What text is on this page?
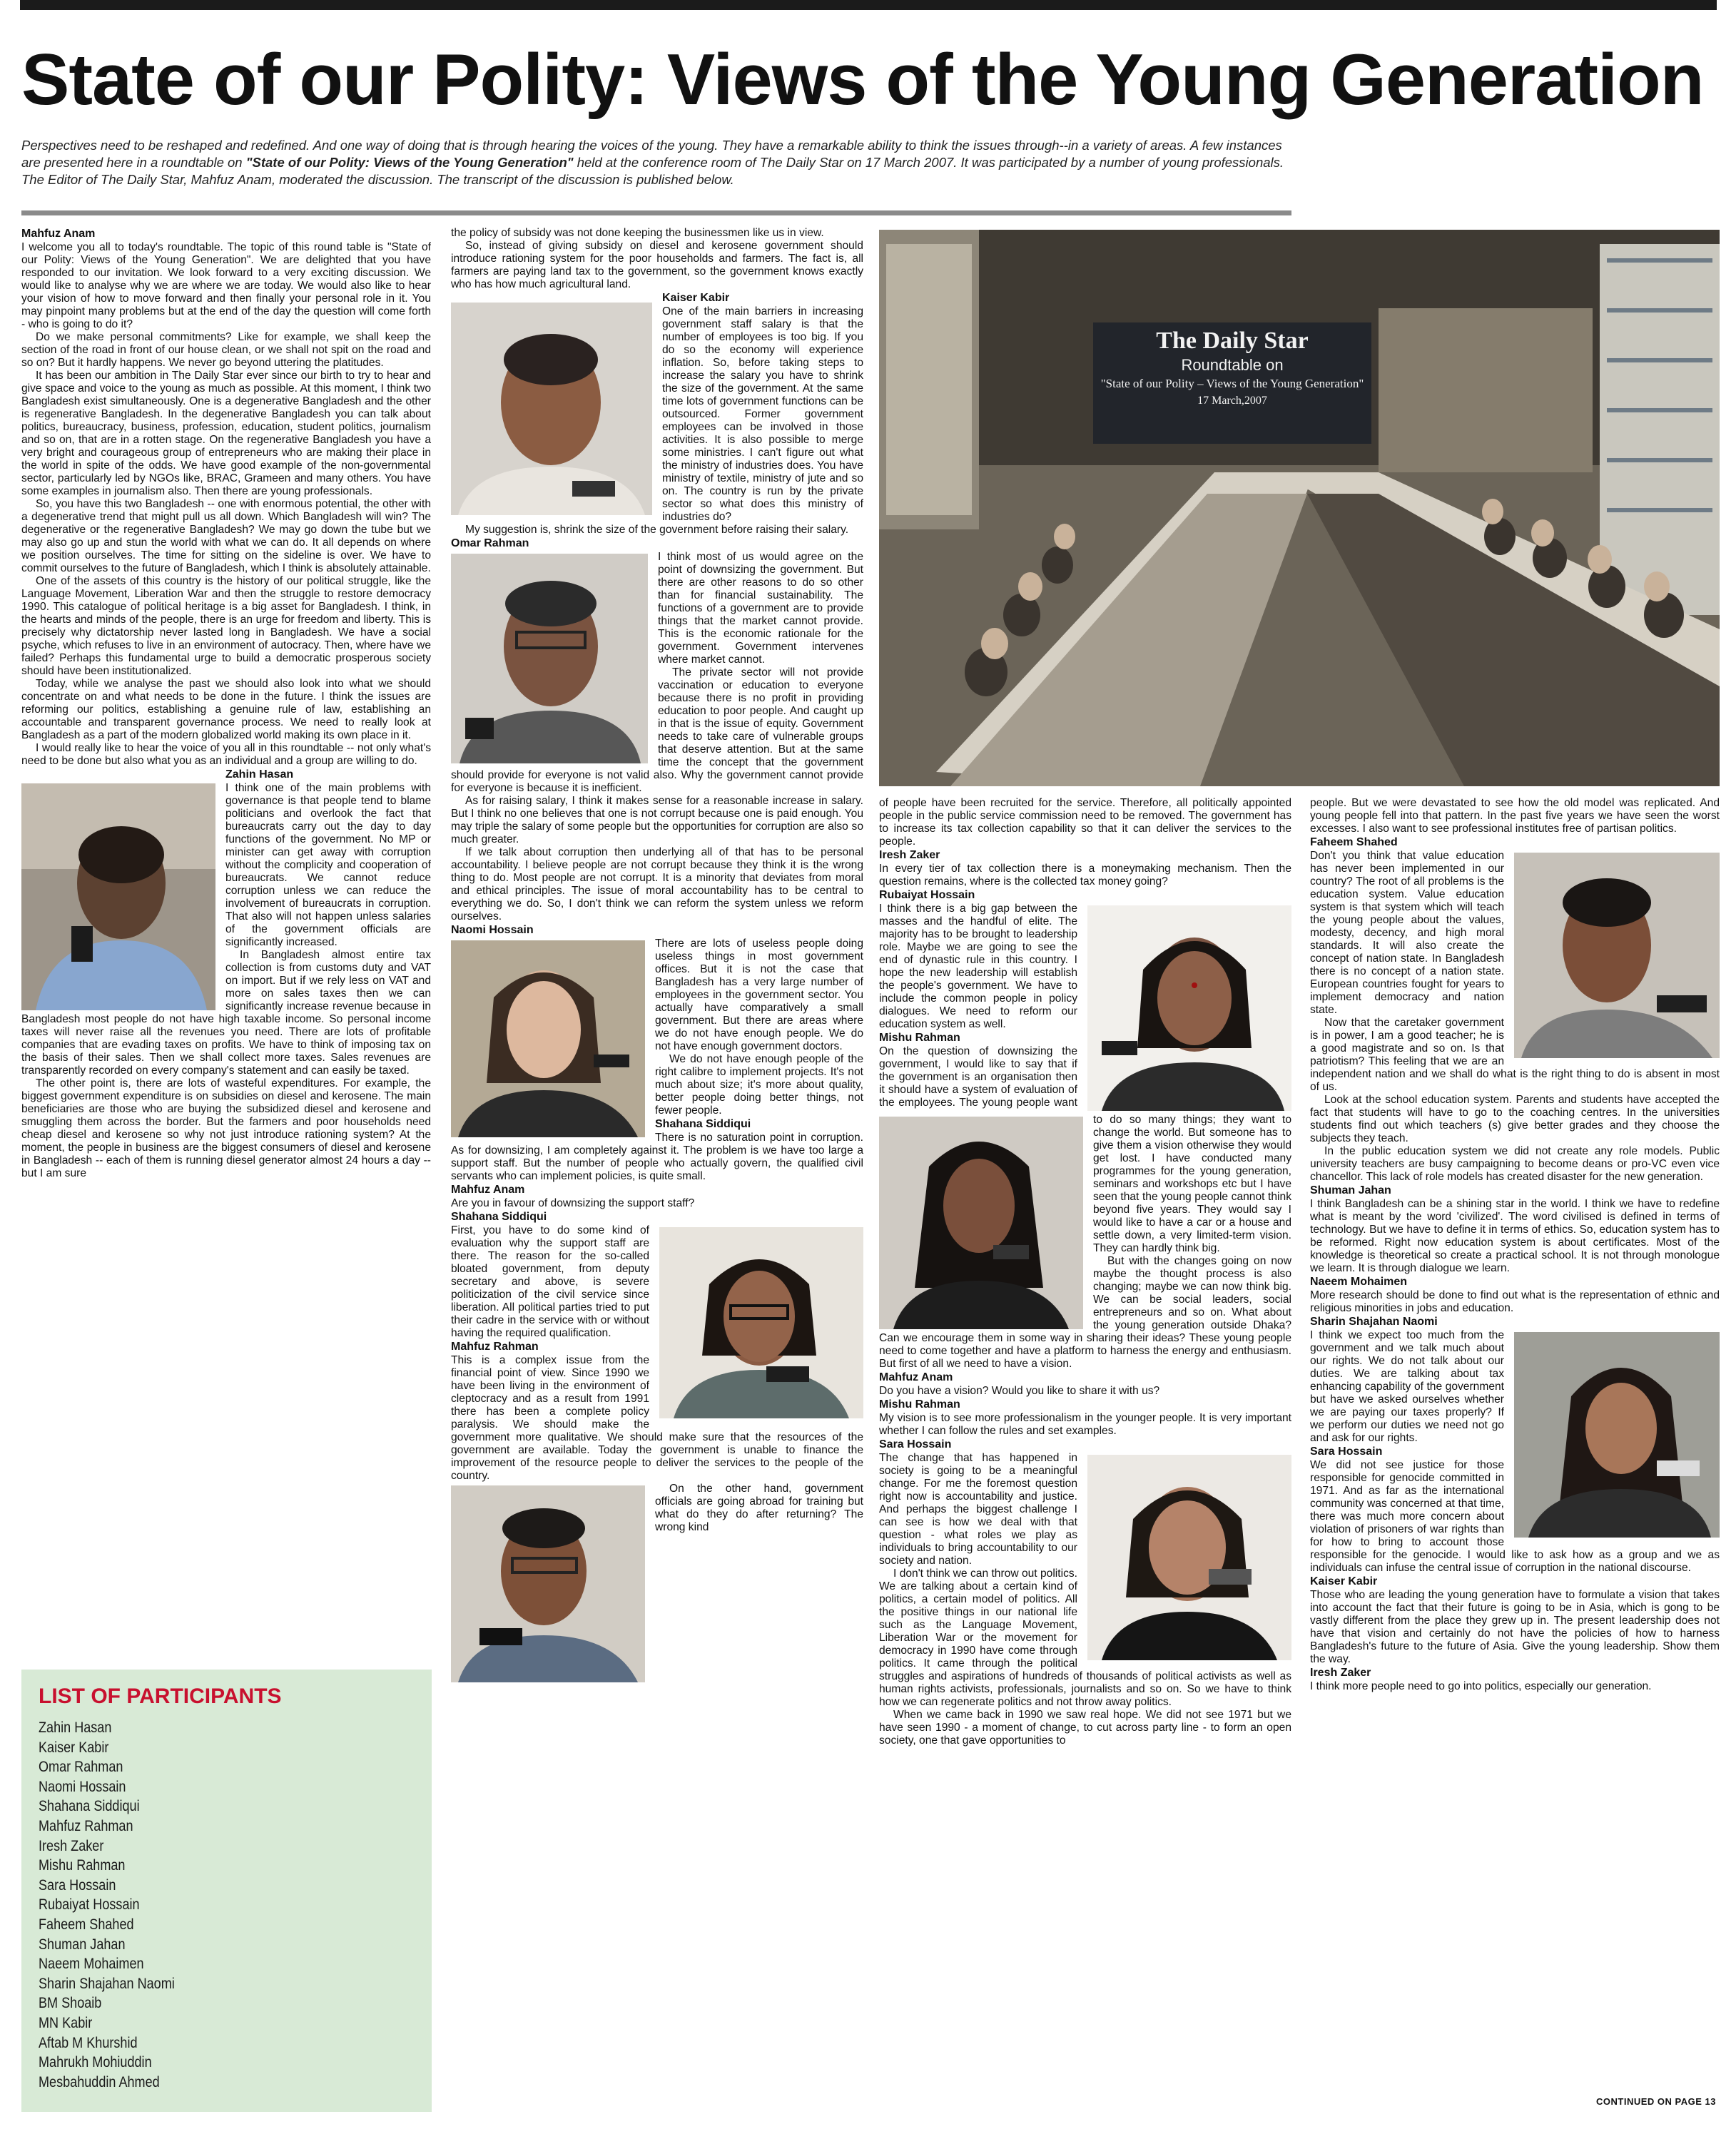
State of our Polity: Views of the Young Generation
Perspectives need to be reshaped and redefined. And one way of doing that is through hearing the voices of the young. They have a remarkable ability to think the issues through--in a variety of areas. A few instances are presented here in a roundtable on "State of our Polity: Views of the Young Generation" held at the conference room of The Daily Star on 17 March 2007. It was participated by a number of young professionals. The Editor of The Daily Star, Mahfuz Anam, moderated the discussion. The transcript of the discussion is published below.
The Daily Star
Roundtable on
"State of our Polity – Views of the Young Generation"
17 March,2007

Mahfuz Anam

I welcome you all to today's roundtable. The topic of this round table is "State of our Polity: Views of the Young Generation". We are delighted that you have responded to our invitation. We look forward to a very exciting discussion. We would like to analyse why we are where we are today. We would also like to hear your vision of how to move forward and then finally your personal role in it. You may pinpoint many problems but at the end of the day the question will come forth - who is going to do it?

Do we make personal commitments? Like for example, we shall keep the section of the road in front of our house clean, or we shall not spit on the road and so on? But it hardly happens. We never go beyond uttering the platitudes.

It has been our ambition in The Daily Star ever since our birth to try to hear and give space and voice to the young as much as possible. At this moment, I think two Bangladesh exist simultaneously. One is a degenerative Bangladesh and the other is regenerative Bangladesh. In the degenerative Bangladesh you can talk about politics, bureaucracy, business, profession, education, student politics, journalism and so on, that are in a rotten stage. On the regenerative Bangladesh you have a very bright and courageous group of entrepreneurs who are making their place in the world in spite of the odds. We have good example of the non-governmental sector, particularly led by NGOs like, BRAC, Grameen and many others. You have some examples in journalism also. Then there are young professionals.

So, you have this two Bangladesh -- one with enormous potential, the other with a degenerative trend that might pull us all down. Which Bangladesh will win? The degenerative or the regenerative Bangladesh? We may go down the tube but we may also go up and stun the world with what we can do. It all depends on where we position ourselves. The time for sitting on the sideline is over. We have to commit ourselves to the future of Bangladesh, which I think is absolutely attainable.

One of the assets of this country is the history of our political struggle, like the Language Movement, Liberation War and then the struggle to restore democracy 1990. This catalogue of political heritage is a big asset for Bangladesh. I think, in the hearts and minds of the people, there is an urge for freedom and liberty. This is precisely why dictatorship never lasted long in Bangladesh. We have a social psyche, which refuses to live in an environment of autocracy. Then, where have we failed? Perhaps this fundamental urge to build a democratic prosperous society should have been institutionalized.

Today, while we analyse the past we should also look into what we should concentrate on and what needs to be done in the future. I think the issues are reforming our politics, establishing a genuine rule of law, establishing an accountable and transparent governance process. We need to really look at Bangladesh as a part of the modern globalized world making its own place in it.

I would really like to hear the voice of you all in this roundtable -- not only what's need to be done but also what you as an individual and a group are willing to do.

Zahin Hasan

I think one of the main problems with governance is that people tend to blame politicians and overlook the fact that bureaucrats carry out the day to day functions of the government. No MP or minister can get away with corruption without the complicity and cooperation of bureaucrats. We cannot reduce corruption unless we can reduce the involvement of bureaucrats in corruption. That also will not happen unless salaries of the government officials are significantly increased.

In Bangladesh almost entire tax collection is from customs duty and VAT on import. But if we rely less on VAT and more on sales taxes then we can significantly increase revenue because in Bangladesh most people do not have high taxable income. So personal income taxes will never raise all the revenues you need. There are lots of profitable companies that are evading taxes on profits. We have to think of imposing tax on the basis of their sales. Then we shall collect more taxes. Sales revenues are transparently recorded on every company's statement and can easily be taxed.

The other point is, there are lots of wasteful expenditures. For example, the biggest government expenditure is on subsidies on diesel and kerosene. The main beneficiaries are those who are buying the subsidized diesel and kerosene and smuggling them across the border. But the farmers and poor households need cheap diesel and kerosene so why not just introduce rationing system? At the moment, the people in business are the biggest consumers of diesel and kerosene in Bangladesh -- each of them is running diesel generator almost 24 hours a day -- but I am sure

the policy of subsidy was not done keeping the businessmen like us in view.

So, instead of giving subsidy on diesel and kerosene government should introduce rationing system for the poor households and farmers. The fact is, all farmers are paying land tax to the government, so the government knows exactly who has how much agricultural land.

Kaiser Kabir

One of the main barriers in increasing government staff salary is that the number of employees is too big. If you do so the economy will experience inflation. So, before taking steps to increase the salary you have to shrink the size of the government. At the same time lots of government functions can be outsourced. Former government employees can be involved in those activities. It is also possible to merge some ministries. I can't figure out what the ministry of industries does. You have ministry of textile, ministry of jute and so on. The country is run by the private sector so what does this ministry of industries do?

My suggestion is, shrink the size of the government before raising their salary.

Omar Rahman

I think most of us would agree on the point of downsizing the government. But there are other reasons to do so other than for financial sustainability. The functions of a government are to provide things that the market cannot provide. This is the economic rationale for the government. Government intervenes where market cannot.

The private sector will not provide vaccination or education to everyone because there is no profit in providing education to poor people. And caught up in that is the issue of equity. Government needs to take care of vulnerable groups that deserve attention. But at the same time the concept that the government should provide for everyone is not valid also. Why the government cannot provide for everyone is because it is inefficient.

As for raising salary, I think it makes sense for a reasonable increase in salary. But I think no one believes that one is not corrupt because one is paid enough. You may triple the salary of some people but the opportunities for corruption are also so much greater.

If we talk about corruption then underlying all of that has to be personal accountability. I believe people are not corrupt because they think it is the wrong thing to do. Most people are not corrupt. It is a minority that deviates from moral and ethical principles. The issue of moral accountability has to be central to everything we do. So, I don't think we can reform the system unless we reform ourselves.

Naomi Hossain

There are lots of useless people doing useless things in most government offices. But it is not the case that Bangladesh has a very large number of employees in the government sector. You actually have comparatively a small government. But there are areas where we do not have enough people. We do not have enough government doctors.

We do not have enough people of the right calibre to implement projects. It's not much about size; it's more about quality, better people doing better things, not fewer people.

Shahana Siddiqui

There is no saturation point in corruption. As for downsizing, I am completely against it. The problem is we have too large a support staff. But the number of people who actually govern, the qualified civil servants who can implement policies, is quite small.

Mahfuz Anam

Are you in favour of downsizing the support staff?

Shahana Siddiqui

First, you have to do some kind of evaluation why the support staff are there. The reason for the so-called bloated government, from deputy secretary and above, is severe politicization of the civil service since liberation. All political parties tried to put their cadre in the service with or without having the required qualification.

Mahfuz Rahman

This is a complex issue from the financial point of view. Since 1990 we have been living in the environment of cleptocracy and as a result from 1991 there has been a complete policy paralysis. We should make the government more qualitative. We should make sure that the resources of the government are available. Today the government is unable to finance the improvement of the resource people to deliver the services to the people of the country.

On the other hand, government officials are going abroad for training but what do they do after returning? The wrong kind

of people have been recruited for the service. Therefore, all politically appointed people in the public service commission need to be removed. The government has to increase its tax collection capability so that it can deliver the services to the people.

Iresh Zaker

In every tier of tax collection there is a moneymaking mechanism. Then the question remains, where is the collected tax money going?

Rubaiyat Hossain

I think there is a big gap between the masses and the handful of elite. The majority has to be brought to leadership role. Maybe we are going to see the end of dynastic rule in this country. I hope the new leadership will establish the people's government. We have to include the common people in policy dialogues. We need to reform our education system as well.

Mishu Rahman

On the question of downsizing the government, I would like to say that if the government is an organisation then it should have a system of evaluation of the employees. The young people want to do so many things; they want to change the world. But someone has to give them a vision otherwise they would get lost. I have conducted many programmes for the young generation, seminars and workshops etc but I have seen that the young people cannot think beyond five years. They would say I would like to have a car or a house and settle down, a very limited-term vision. They can hardly think big.

But with the changes going on now maybe the thought process is also changing; maybe we can now think big. We can be social leaders, social entrepreneurs and so on. What about the young generation outside Dhaka? Can we encourage them in some way in sharing their ideas? These young people need to come together and have a platform to harness the energy and enthusiasm. But first of all we need to have a vision.

Mahfuz Anam

Do you have a vision? Would you like to share it with us?

Mishu Rahman

My vision is to see more professionalism in the younger people. It is very important whether I can follow the rules and set examples.

Sara Hossain

The change that has happened in society is going to be a meaningful change. For me the foremost question right now is accountability and justice. And perhaps the biggest challenge I can see is how we deal with that question - what roles we play as individuals to bring accountability to our society and nation.

I don't think we can throw out politics. We are talking about a certain kind of politics, a certain model of politics. All the positive things in our national life such as the Language Movement, Liberation War or the movement for democracy in 1990 have come through politics. It came through the political struggles and aspirations of hundreds of thousands of political activists as well as human rights activists, professionals, journalists and so on. So we have to think how we can regenerate politics and not throw away politics.

When we came back in 1990 we saw real hope. We did not see 1971 but we have seen 1990 - a moment of change, to cut across party line - to form an open society, one that gave opportunities to

people. But we were devastated to see how the old model was replicated. And young people fell into that pattern. In the past five years we have seen the worst excesses. I also want to see professional institutes free of partisan politics.

Faheem Shahed

Don't you think that value education has never been implemented in our country? The root of all problems is the education system. Value education system is that system which will teach the young people about the values, modesty, decency, and high moral standards. It will also create the concept of nation state. In Bangladesh there is no concept of a nation state. European countries fought for years to implement democracy and nation state.

Now that the caretaker government is in power, I am a good teacher; he is a good magistrate and so on. Is that patriotism? This feeling that we are an independent nation and we shall do what is the right thing to do is absent in most of us.

Look at the school education system. Parents and students have accepted the fact that students will have to go to the coaching centres. In the universities students find out which teachers (s) give better grades and they choose the subjects they teach.

In the public education system we did not create any role models. Public university teachers are busy campaigning to become deans or pro-VC even vice chancellor. This lack of role models has created disaster for the new generation.

Shuman Jahan

I think Bangladesh can be a shining star in the world. I think we have to redefine what is meant by the word 'civilized'. The word civilised is defined in terms of technology. But we have to define it in terms of ethics. So, education system has to be reformed. Right now education system is about certificates. Most of the knowledge is theoretical so create a practical school. It is not through monologue we learn. It is through dialogue we learn.

Naeem Mohaimen

More research should be done to find out what is the representation of ethnic and religious minorities in jobs and education.

Sharin Shajahan Naomi

I think we expect too much from the government and we talk much about our rights. We do not talk about our duties. We are talking about tax enhancing capability of the government but have we asked ourselves whether we are paying our taxes properly? If we perform our duties we need not go and ask for our rights.

Sara Hossain

We did not see justice for those responsible for genocide committed in 1971. And as far as the international community was concerned at that time, there was much more concern about violation of prisoners of war rights than for how to bring to account those responsible for the genocide. I would like to ask how as a group and we as individuals can infuse the central issue of corruption in the national discourse.

Kaiser Kabir

Those who are leading the young generation have to formulate a vision that takes into account the fact that their future is going to be in Asia, which is gong to be vastly different from the place they grew up in. The present leadership does not have that vision and certainly do not have the policies of how to harness Bangladesh's future to the future of Asia. Give the young leadership. Show them the way.

Iresh Zaker

I think more people need to go into politics, especially our generation.

LIST OF PARTICIPANTS
Zahin Hasan
Kaiser Kabir
Omar Rahman
Naomi Hossain
Shahana Siddiqui
Mahfuz Rahman
Iresh Zaker
Mishu Rahman
Sara Hossain
Rubaiyat Hossain
Faheem Shahed
Shuman Jahan
Naeem Mohaimen
Sharin Shajahan Naomi
BM Shoaib
MN Kabir
Aftab M Khurshid
Mahrukh Mohiuddin
Mesbahuddin Ahmed
CONTINUED ON PAGE 13
